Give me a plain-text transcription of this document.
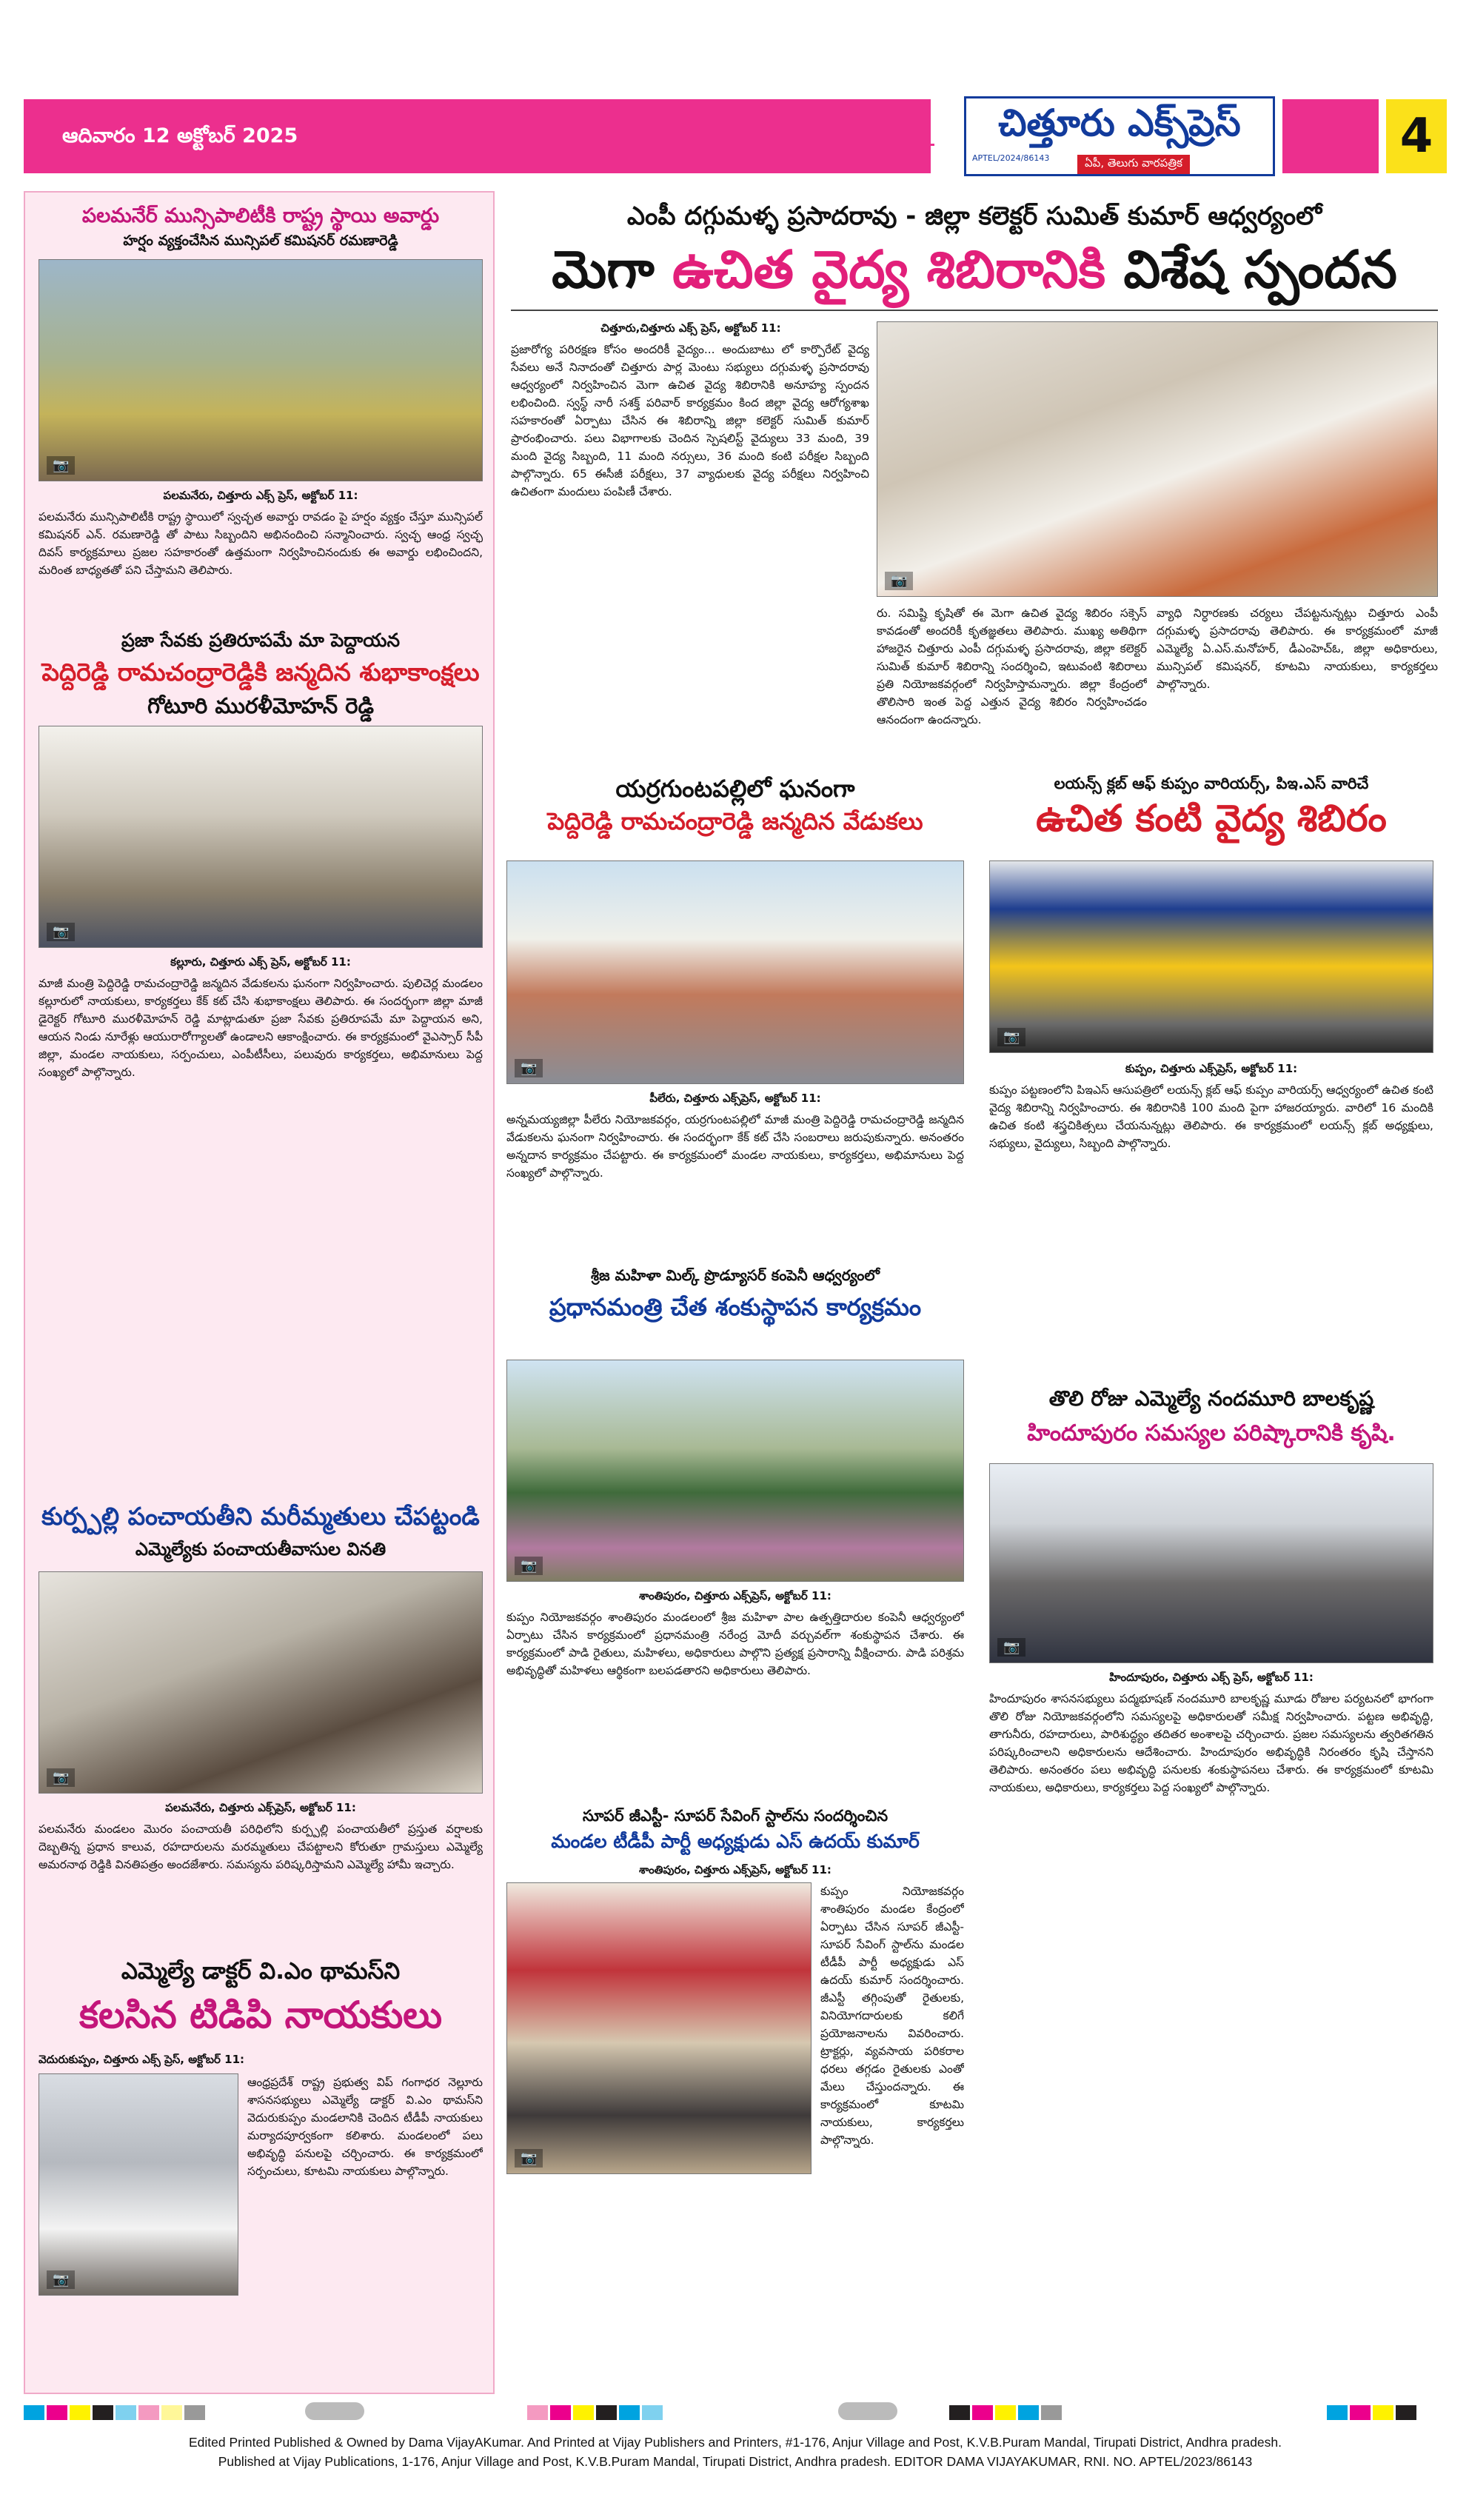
ఆదివారం 12 అక్టోబర్ 2025	చిత్తూరు ఎక్స్‌ప్రెస్
APTEL/2024/86143	ఏపీ, తెలుగు వారపత్రిక	4
ఎంపీ దగ్గుమళ్ళ ప్రసాదరావు - జిల్లా కలెక్టర్ సుమిత్ కుమార్ ఆధ్వర్యంలో
మెగా ఉచిత వైద్య శిబిరానికి విశేష స్పందన
చిత్తూరు,చిత్తూరు ఎక్స్ ప్రెస్, అక్టోబర్ 11:
ప్రజారోగ్య పరిరక్షణ కోసం అందరికీ వైద్యం... అందుబాటు లో కార్పొరేట్ వైద్య సేవలు అనే నినాదంతో చిత్తూరు పార్ల మెంటు సభ్యులు దగ్గుమళ్ళ ప్రసాదరావు ఆధ్వర్యంలో నిర్వహించిన మెగా ఉచిత వైద్య శిబిరానికి అనూహ్య స్పందన లభించింది. స్వస్థ్ నారీ సశక్త్ పరివార్ కార్యక్రమం కింద జిల్లా వైద్య ఆరోగ్యశాఖ సహకారంతో ఏర్పాటు చేసిన ఈ శిబిరాన్ని జిల్లా కలెక్టర్ సుమిత్ కుమార్ ప్రారంభించారు. పలు విభాగాలకు చెందిన స్పెషలిస్ట్ వైద్యులు 33 మంది, 39 మంది వైద్య సిబ్బంది, 11 మంది నర్సులు, 36 మంది కంటి పరీక్షల సిబ్బంది పాల్గొన్నారు. 65 ఈసీజీ పరీక్షలు, 37 వ్యాధులకు వైద్య పరీక్షలు నిర్వహించి ఉచితంగా మందులు పంపిణీ చేశారు.
📷
రు. సమిష్టి కృషితో ఈ మెగా ఉచిత వైద్య శిబిరం సక్సెస్ కావడంతో అందరికీ కృతజ్ఞతలు తెలిపారు. ముఖ్య అతిథిగా హాజరైన చిత్తూరు ఎంపీ దగ్గుమళ్ళ ప్రసాదరావు, జిల్లా కలెక్టర్ సుమిత్ కుమార్ శిబిరాన్ని సందర్శించి, ఇటువంటి శిబిరాలు ప్రతి నియోజకవర్గంలో నిర్వహిస్తామన్నారు. జిల్లా కేంద్రంలో తొలిసారి ఇంత పెద్ద ఎత్తున వైద్య శిబిరం నిర్వహించడం ఆనందంగా ఉందన్నారు.
వ్యాధి నిర్ధారణకు చర్యలు చేపట్టనున్నట్లు చిత్తూరు ఎంపీ దగ్గుమళ్ళ ప్రసాదరావు తెలిపారు. ఈ కార్యక్రమంలో మాజీ ఎమ్మెల్యే ఏ.ఎస్.మనోహర్, డీఎంహెచ్ఓ, జిల్లా అధికారులు, మున్సిపల్ కమిషనర్, కూటమి నాయకులు, కార్యకర్తలు పాల్గొన్నారు.
పలమనేర్ మున్సిపాలిటీకి రాష్ట్ర స్థాయి అవార్డు
హర్షం వ్యక్తంచేసిన మున్సిపల్ కమిషనర్ రమణారెడ్డి
📷
పలమనేరు, చిత్తూరు ఎక్స్ ప్రెస్, అక్టోబర్ 11:
పలమనేరు మున్సిపాలిటీకి రాష్ట్ర స్థాయిలో స్వచ్ఛత అవార్డు రావడం పై హర్షం వ్యక్తం చేస్తూ మున్సిపల్ కమిషనర్ ఎన్. రమణారెడ్డి తో పాటు సిబ్బందిని అభినందించి సన్మానించారు. స్వచ్ఛ ఆంధ్ర స్వచ్ఛ దివస్ కార్యక్రమాలు ప్రజల సహకారంతో ఉత్తమంగా నిర్వహించినందుకు ఈ అవార్డు లభించిందని, మరింత బాధ్యతతో పని చేస్తామని తెలిపారు.
ప్రజా సేవకు ప్రతిరూపమే మా పెద్దాయన
పెద్దిరెడ్డి రామచంద్రారెడ్డికి జన్మదిన శుభాకాంక్షలు
గోటూరి మురళీమోహన్ రెడ్డి
📷
కల్లూరు, చిత్తూరు ఎక్స్ ప్రెస్, అక్టోబర్ 11:
మాజీ మంత్రి పెద్దిరెడ్డి రామచంద్రారెడ్డి జన్మదిన వేడుకలను ఘనంగా నిర్వహించారు. పులిచెర్ల మండలం కల్లూరులో నాయకులు, కార్యకర్తలు కేక్ కట్ చేసి శుభాకాంక్షలు తెలిపారు. ఈ సందర్భంగా జిల్లా మాజీ డైరెక్టర్ గోటూరి మురళీమోహన్ రెడ్డి మాట్లాడుతూ ప్రజా సేవకు ప్రతిరూపమే మా పెద్దాయన అని, ఆయన నిండు నూరేళ్లు ఆయురారోగ్యాలతో ఉండాలని ఆకాంక్షించారు. ఈ కార్యక్రమంలో వైఎస్సార్ సీపీ జిల్లా, మండల నాయకులు, సర్పంచులు, ఎంపీటీసీలు, పలువురు కార్యకర్తలు, అభిమానులు పెద్ద సంఖ్యలో పాల్గొన్నారు.
కుర్ప్పల్లి పంచాయతీని మరీమ్మతులు చేపట్టండి
ఎమ్మెల్యేకు పంచాయతీవాసుల వినతి
📷
పలమనేరు, చిత్తూరు ఎక్స్‌ప్రెస్, అక్టోబర్ 11:
పలమనేరు మండలం మొరం పంచాయతీ పరిధిలోని కుర్ప్పల్లి పంచాయతీలో ప్రస్తుత వర్షాలకు దెబ్బతిన్న ప్రధాన కాలువ, రహదారులను మరమ్మతులు చేపట్టాలని కోరుతూ గ్రామస్తులు ఎమ్మెల్యే అమరనాథ రెడ్డికి వినతిపత్రం అందజేశారు. సమస్యను పరిష్కరిస్తామని ఎమ్మెల్యే హామీ ఇచ్చారు.
ఎమ్మెల్యే డాక్టర్ వి.ఎం థామస్‌ని
కలసిన టిడిపి నాయకులు
వెదురుకుప్పం, చిత్తూరు ఎక్స్ ప్రెస్, అక్టోబర్ 11:
📷
ఆంధ్రప్రదేశ్ రాష్ట్ర ప్రభుత్వ విప్ గంగాధర నెల్లూరు శాసనసభ్యులు ఎమ్మెల్యే డాక్టర్ వి.ఎం థామస్‌ని వెదురుకుప్పం మండలానికి చెందిన టీడీపీ నాయకులు మర్యాదపూర్వకంగా కలిశారు. మండలంలో పలు అభివృద్ధి పనులపై చర్చించారు. ఈ కార్యక్రమంలో సర్పంచులు, కూటమి నాయకులు పాల్గొన్నారు.
యర్రగుంటపల్లిలో ఘనంగా
పెద్దిరెడ్డి రామచంద్రారెడ్డి జన్మదిన వేడుకలు
📷
పీలేరు, చిత్తూరు ఎక్స్‌ప్రెస్, అక్టోబర్ 11:
అన్నమయ్యజిల్లా పీలేరు నియోజకవర్గం, యర్రగుంటపల్లిలో మాజీ మంత్రి పెద్దిరెడ్డి రామచంద్రారెడ్డి జన్మదిన వేడుకలను ఘనంగా నిర్వహించారు. ఈ సందర్భంగా కేక్ కట్ చేసి సంబరాలు జరుపుకున్నారు. అనంతరం అన్నదాన కార్యక్రమం చేపట్టారు. ఈ కార్యక్రమంలో మండల నాయకులు, కార్యకర్తలు, అభిమానులు పెద్ద సంఖ్యలో పాల్గొన్నారు.
శ్రీజ మహిళా మిల్క్ ప్రొడ్యూసర్ కంపెనీ ఆధ్వర్యంలో
ప్రధానమంత్రి చేత శంకుస్థాపన కార్యక్రమం
📷
శాంతిపురం, చిత్తూరు ఎక్స్‌ప్రెస్, అక్టోబర్ 11:
కుప్పం నియోజకవర్గం శాంతిపురం మండలంలో శ్రీజ మహిళా పాల ఉత్పత్తిదారుల కంపెనీ ఆధ్వర్యంలో ఏర్పాటు చేసిన కార్యక్రమంలో ప్రధానమంత్రి నరేంద్ర మోదీ వర్చువల్‌గా శంకుస్థాపన చేశారు. ఈ కార్యక్రమంలో పాడి రైతులు, మహిళలు, అధికారులు పాల్గొని ప్రత్యక్ష ప్రసారాన్ని వీక్షించారు. పాడి పరిశ్రమ అభివృద్ధితో మహిళలు ఆర్థికంగా బలపడతారని అధికారులు తెలిపారు.
సూపర్ జీఎస్టీ- సూపర్ సేవింగ్ స్టాల్‌ను సందర్శించిన
మండల టీడీపీ పార్టీ అధ్యక్షుడు ఎస్ ఉదయ్ కుమార్
శాంతిపురం, చిత్తూరు ఎక్స్‌ప్రెస్, అక్టోబర్ 11:
📷
కుప్పం నియోజకవర్గం శాంతిపురం మండల కేంద్రంలో ఏర్పాటు చేసిన సూపర్ జీఎస్టీ- సూపర్ సేవింగ్ స్టాల్‌ను మండల టీడీపీ పార్టీ అధ్యక్షుడు ఎస్ ఉదయ్ కుమార్ సందర్శించారు. జీఎస్టీ తగ్గింపుతో రైతులకు, వినియోగదారులకు కలిగే ప్రయోజనాలను వివరించారు. ట్రాక్టర్లు, వ్యవసాయ పరికరాల ధరలు తగ్గడం రైతులకు ఎంతో మేలు చేస్తుందన్నారు. ఈ కార్యక్రమంలో కూటమి నాయకులు, కార్యకర్తలు పాల్గొన్నారు.
లయన్స్ క్లబ్ ఆఫ్ కుప్పం వారియర్స్, పిఇ.ఎస్ వారిచే
ఉచిత కంటి వైద్య శిబిరం
📷
కుప్పం, చిత్తూరు ఎక్స్‌ప్రెస్, అక్టోబర్ 11:
కుప్పం పట్టణంలోని పిఇఎస్ ఆసుపత్రిలో లయన్స్ క్లబ్ ఆఫ్ కుప్పం వారియర్స్ ఆధ్వర్యంలో ఉచిత కంటి వైద్య శిబిరాన్ని నిర్వహించారు. ఈ శిబిరానికి 100 మంది పైగా హాజరయ్యారు. వారిలో 16 మందికి ఉచిత కంటి శస్త్రచికిత్సలు చేయనున్నట్లు తెలిపారు. ఈ కార్యక్రమంలో లయన్స్ క్లబ్ అధ్యక్షులు, సభ్యులు, వైద్యులు, సిబ్బంది పాల్గొన్నారు.
తొలి రోజు ఎమ్మెల్యే నందమూరి బాలకృష్ణ
హిందూపురం సమస్యల పరిష్కారానికి కృషి.
📷
హిందూపురం, చిత్తూరు ఎక్స్ ప్రెస్, అక్టోబర్ 11:
హిందూపురం శాసనసభ్యులు పద్మభూషణ్ నందమూరి బాలకృష్ణ మూడు రోజుల పర్యటనలో భాగంగా తొలి రోజు నియోజకవర్గంలోని సమస్యలపై అధికారులతో సమీక్ష నిర్వహించారు. పట్టణ అభివృద్ధి, తాగునీరు, రహదారులు, పారిశుద్ధ్యం తదితర అంశాలపై చర్చించారు. ప్రజల సమస్యలను త్వరితగతిన పరిష్కరించాలని అధికారులను ఆదేశించారు. హిందూపురం అభివృద్ధికి నిరంతరం కృషి చేస్తానని తెలిపారు. అనంతరం పలు అభివృద్ధి పనులకు శంకుస్థాపనలు చేశారు. ఈ కార్యక్రమంలో కూటమి నాయకులు, అధికారులు, కార్యకర్తలు పెద్ద సంఖ్యలో పాల్గొన్నారు.
Edited Printed Published & Owned by Dama VijayAKumar. And Printed at Vijay Publishers and Printers, #1-176, Anjur Village and Post, K.V.B.Puram Mandal, Tirupati District, Andhra pradesh.
Published at Vijay Publications, 1-176, Anjur Village and Post, K.V.B.Puram Mandal, Tirupati District, Andhra pradesh. EDITOR DAMA VIJAYAKUMAR, RNI. NO. APTEL/2023/86143
